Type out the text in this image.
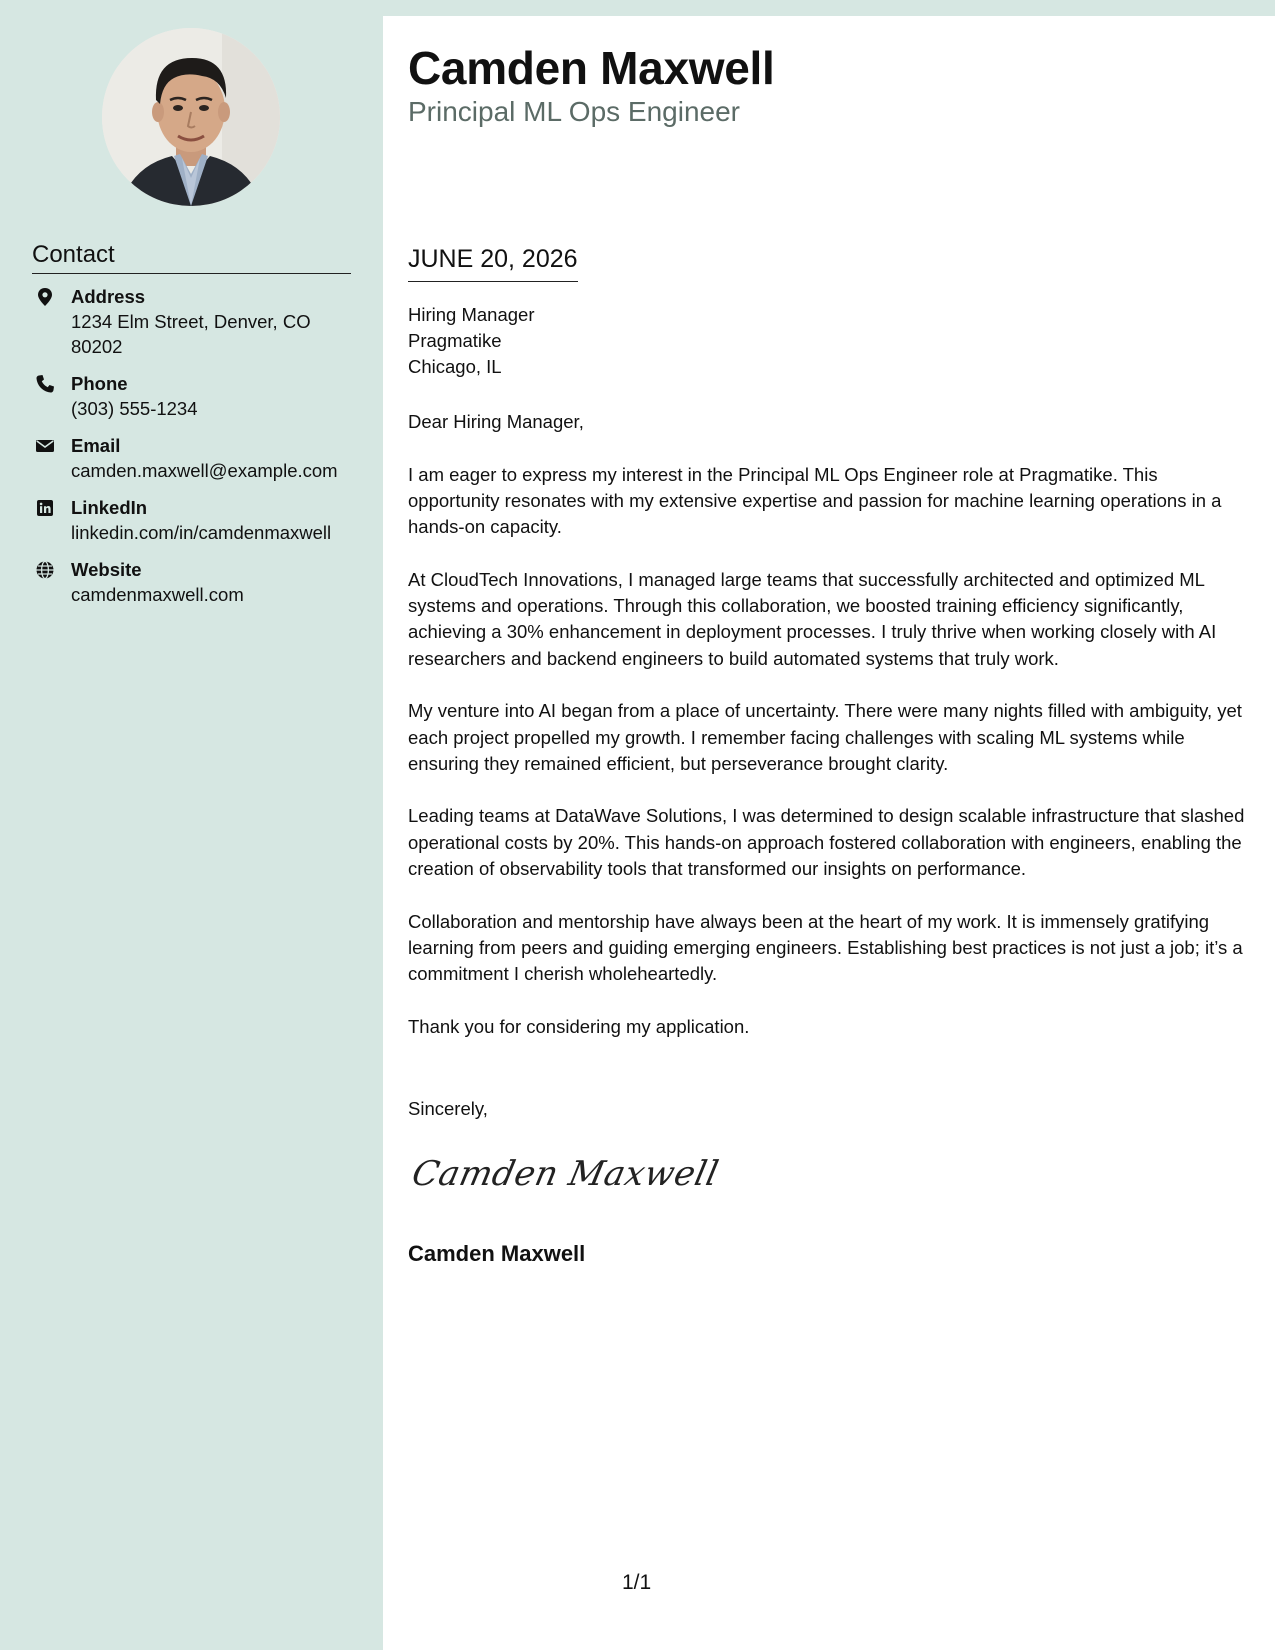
Contact
Address
1234 Elm Street, Denver, CO 80202
Phone
(303) 555-1234
Email
camden.maxwell@example.com
LinkedIn
linkedin.com/in/camdenmaxwell
Website
camdenmaxwell.com
Camden Maxwell
Principal ML Ops Engineer
JUNE 20, 2026
Hiring Manager
Pragmatike
Chicago, IL

Dear Hiring Manager,

I am eager to express my interest in the Principal ML Ops Engineer role at Pragmatike. This opportunity resonates with my extensive expertise and passion for machine learning operations in a hands-on capacity.

At CloudTech Innovations, I managed large teams that successfully architected and optimized ML systems and operations. Through this collaboration, we boosted training efficiency significantly, achieving a 30% enhancement in deployment processes. I truly thrive when working closely with AI researchers and backend engineers to build automated systems that truly work.

My venture into AI began from a place of uncertainty. There were many nights filled with ambiguity, yet each project propelled my growth. I remember facing challenges with scaling ML systems while ensuring they remained efficient, but perseverance brought clarity.

Leading teams at DataWave Solutions, I was determined to design scalable infrastructure that slashed operational costs by 20%. This hands-on approach fostered collaboration with engineers, enabling the creation of observability tools that transformed our insights on performance.

Collaboration and mentorship have always been at the heart of my work. It is immensely gratifying learning from peers and guiding emerging engineers. Establishing best practices is not just a job; it’s a commitment I cherish wholeheartedly.

Thank you for considering my application.

Sincerely,
Camden Maxwell
Camden Maxwell
1/1
